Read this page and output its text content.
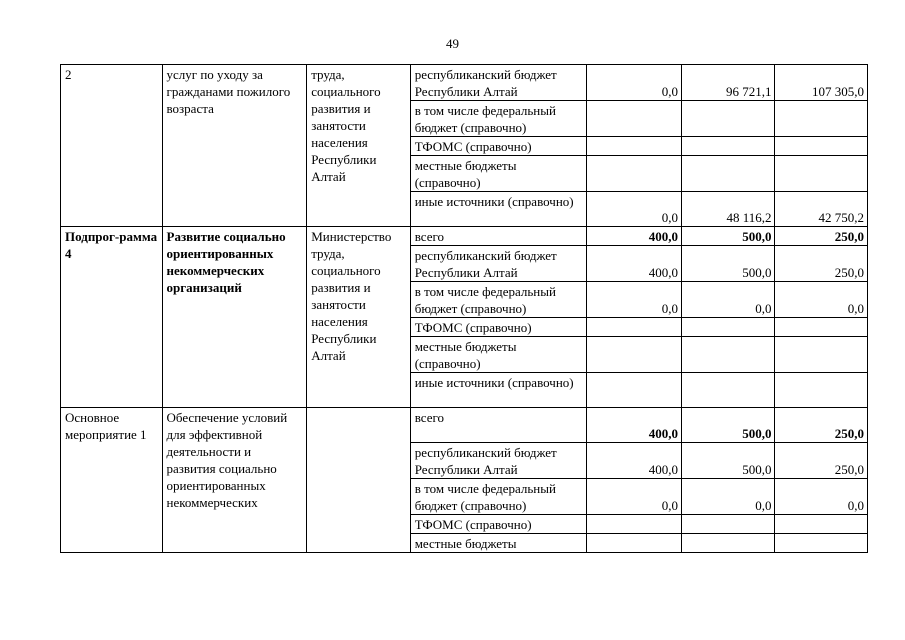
49
2	услуг по уходу за гражданами пожилого возраста	труда, социального развития и занятости населения Республики Алтай	республиканский бюджет Республики Алтай	0,0	96 721,1	107 305,0
			в том числе федеральный бюджет (справочно)			
			ТФОМС (справочно)			
			местные бюджеты (справочно)			
			иные источники (справочно)	0,0	48 116,2	42 750,2
Подпрог-рамма 4	Развитие социально ориентированных некоммерческих организаций	Министерство труда, социального развития и занятости населения Республики Алтай	всего	400,0	500,0	250,0
			республиканский бюджет Республики Алтай	400,0	500,0	250,0
			в том числе федеральный бюджет (справочно)	0,0	0,0	0,0
			ТФОМС (справочно)			
			местные бюджеты (справочно)			
			иные источники (справочно)			
Основное мероприятие 1	Обеспечение условий для эффективной деятельности и развития социально ориентированных некоммерческих		всего	400,0	500,0	250,0
			республиканский бюджет Республики Алтай	400,0	500,0	250,0
			в том числе федеральный бюджет (справочно)	0,0	0,0	0,0
			ТФОМС (справочно)			
			местные бюджеты			
